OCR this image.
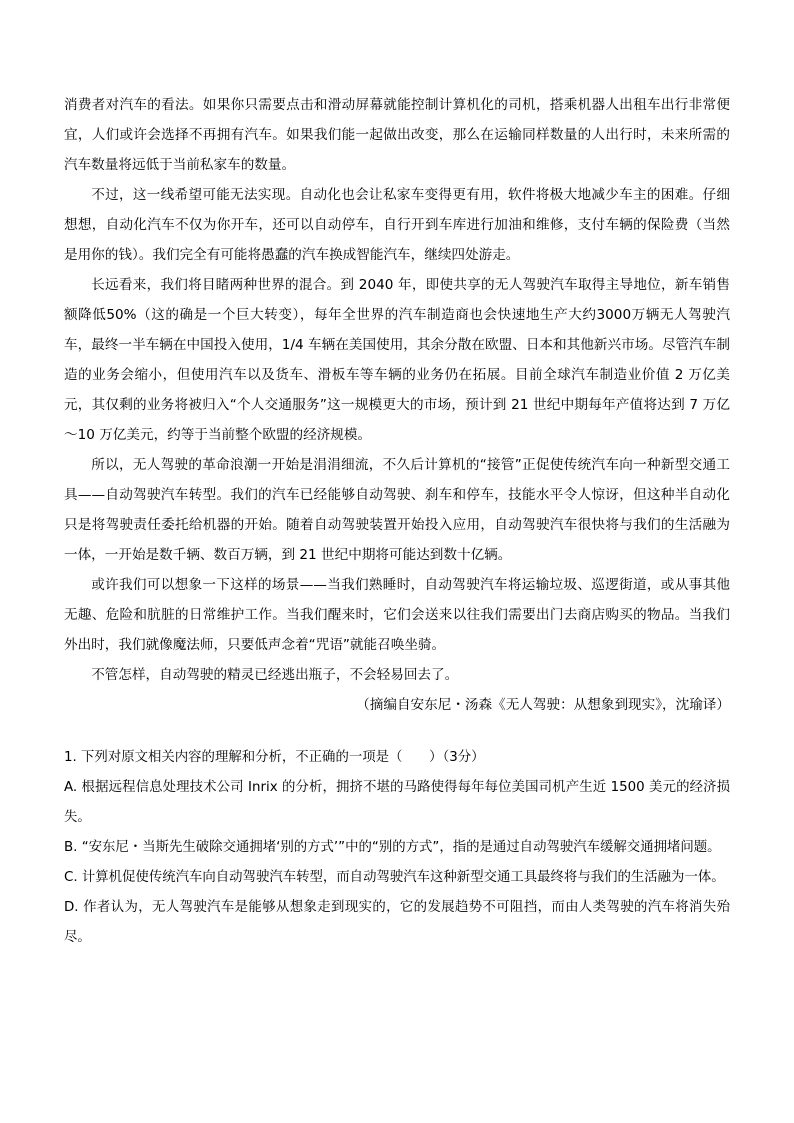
消费者对汽车的看法。如果你只需要点击和滑动屏幕就能控制计算机化的司机，搭乘机器人出租车出行非常便宜，人们或许会选择不再拥有汽车。如果我们能一起做出改变，那么在运输同样数量的人出行时，未来所需的汽车数量将远低于当前私家车的数量。

不过，这一线希望可能无法实现。自动化也会让私家车变得更有用，软件将极大地减少车主的困难。仔细想想，自动化汽车不仅为你开车，还可以自动停车，自行开到车库进行加油和维修，支付车辆的保险费（当然是用你的钱）。我们完全有可能将愚蠢的汽车换成智能汽车，继续四处游走。

长远看来，我们将目睹两种世界的混合。到 2040 年，即使共享的无人驾驶汽车取得主导地位，新车销售额降低50%（这的确是一个巨大转变），每年全世界的汽车制造商也会快速地生产大约3000万辆无人驾驶汽车，最终一半车辆在中国投入使用，1/4 车辆在美国使用，其余分散在欧盟、日本和其他新兴市场。尽管汽车制造的业务会缩小，但使用汽车以及货车、滑板车等车辆的业务仍在拓展。目前全球汽车制造业价值 2 万亿美元，其仅剩的业务将被归入“个人交通服务”这一规模更大的市场，预计到 21 世纪中期每年产值将达到 7 万亿～10 万亿美元，约等于当前整个欧盟的经济规模。

所以，无人驾驶的革命浪潮一开始是涓涓细流，不久后计算机的“接管”正促使传统汽车向一种新型交通工具——自动驾驶汽车转型。我们的汽车已经能够自动驾驶、刹车和停车，技能水平令人惊讶，但这种半自动化只是将驾驶责任委托给机器的开始。随着自动驾驶装置开始投入应用，自动驾驶汽车很快将与我们的生活融为一体，一开始是数千辆、数百万辆，到 21 世纪中期将可能达到数十亿辆。

或许我们可以想象一下这样的场景——当我们熟睡时，自动驾驶汽车将运输垃圾、巡逻街道，或从事其他无趣、危险和肮脏的日常维护工作。当我们醒来时，它们会送来以往我们需要出门去商店购买的物品。当我们外出时，我们就像魔法师，只要低声念着“咒语”就能召唤坐骑。

不管怎样，自动驾驶的精灵已经逃出瓶子，不会轻易回去了。

（摘编自安东尼・汤森《无人驾驶：从想象到现实》，沈瑜译）

1. 下列对原文相关内容的理解和分析，不正确的一项是（　　）（3分）

A. 根据远程信息处理技术公司 Inrix 的分析，拥挤不堪的马路使得每年每位美国司机产生近 1500 美元的经济损失。

B. “安东尼・当斯先生破除交通拥堵‘别的方式’”中的“别的方式”，指的是通过自动驾驶汽车缓解交通拥堵问题。

C. 计算机促使传统汽车向自动驾驶汽车转型，而自动驾驶汽车这种新型交通工具最终将与我们的生活融为一体。

D. 作者认为，无人驾驶汽车是能够从想象走到现实的，它的发展趋势不可阻挡，而由人类驾驶的汽车将消失殆尽。
